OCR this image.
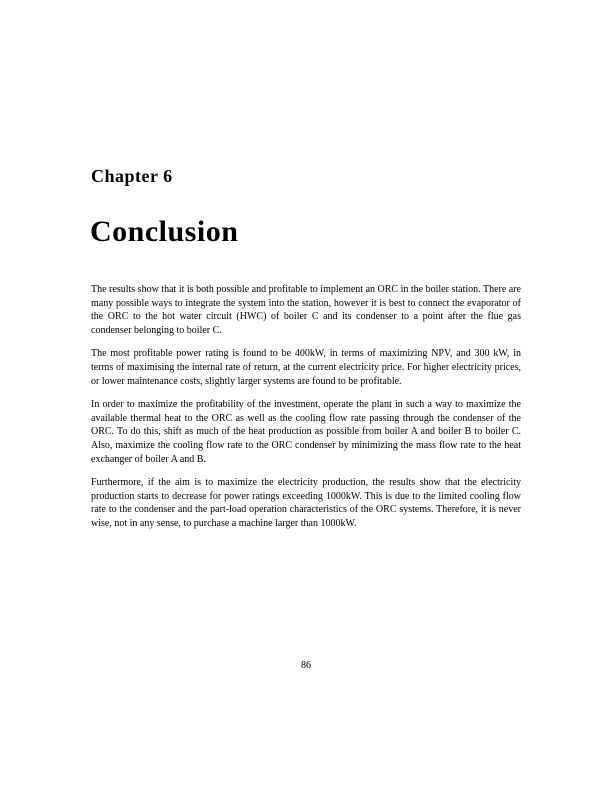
Chapter 6
Conclusion

The results show that it is both possible and profitable to implement an ORC in the boiler station. There are many possible ways to integrate the system into the station, however it is best to connect the evaporator of the ORC to the hot water circuit (HWC) of boiler C and its condenser to a point after the flue gas condenser belonging to boiler C.

The most profitable power rating is found to be 400kW, in terms of maximizing NPV, and 300 kW, in terms of maximising the internal rate of return, at the current electricity price. For higher electricity prices, or lower maintenance costs, slightly larger systems are found to be profitable.

In order to maximize the profitability of the investment, operate the plant in such a way to maximize the available thermal heat to the ORC as well as the cooling flow rate passing through the condenser of the ORC. To do this, shift as much of the heat production as possible from boiler A and boiler B to boiler C. Also, maximize the cooling flow rate to the ORC condenser by minimizing the mass flow rate to the heat exchanger of boiler A and B.

Furthermore, if the aim is to maximize the electricity production, the results show that the electricity production starts to decrease for power ratings exceeding 1000kW. This is due to the limited cooling flow rate to the condenser and the part-load operation characteristics of the ORC systems. Therefore, it is never wise, not in any sense, to purchase a machine larger than 1000kW.

86
